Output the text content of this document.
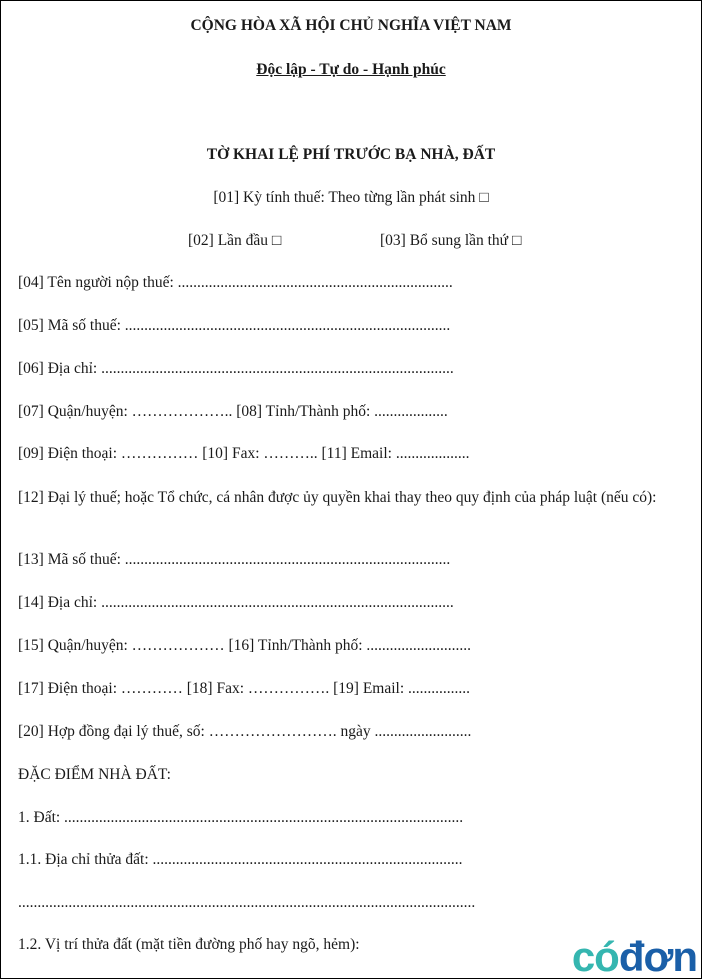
CỘNG HÒA XÃ HỘI CHỦ NGHĨA VIỆT NAM
Độc lập - Tự do - Hạnh phúc
TỜ KHAI LỆ PHÍ TRƯỚC BẠ NHÀ, ĐẤT
[01] Kỳ tính thuế: Theo từng lần phát sinh □
[02] Lần đầu □	[03] Bổ sung lần thứ □
[04] Tên người nộp thuế: .......................................................................
[05] Mã số thuế: ....................................................................................
[06] Địa chỉ: ...........................................................................................
[07] Quận/huyện: ……………….. [08] Tỉnh/Thành phố: ...................
[09] Điện thoại: …………… [10] Fax: ……….. [11] Email: ...................
[12] Đại lý thuế; hoặc Tổ chức, cá nhân được ủy quyền khai thay theo quy định của pháp luật (nếu có):
[13] Mã số thuế: ....................................................................................
[14] Địa chỉ: ...........................................................................................
[15] Quận/huyện: ……………… [16] Tỉnh/Thành phố: ...........................
[17] Điện thoại: ………… [18] Fax: ……………. [19] Email: ................
[20] Hợp đồng đại lý thuế, số: ……………………. ngày .........................
ĐẶC ĐIỂM NHÀ ĐẤT:
1. Đất: .......................................................................................................
1.1. Địa chỉ thửa đất: ................................................................................
......................................................................................................................
1.2. Vị trí thửa đất (mặt tiền đường phố hay ngõ, hẻm):	cóđơn
